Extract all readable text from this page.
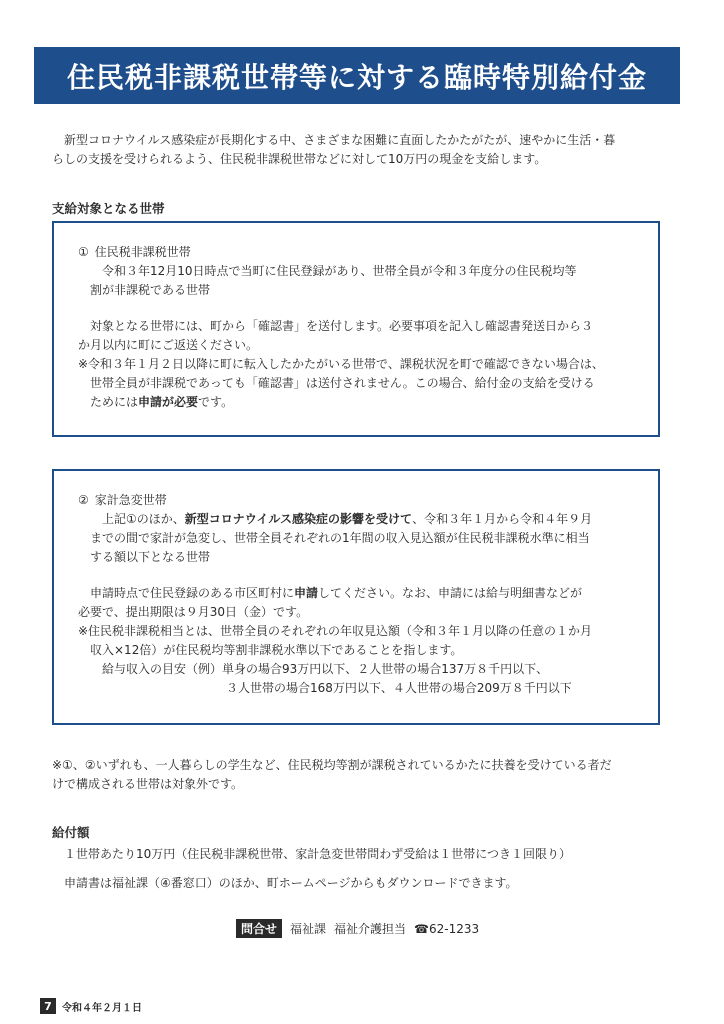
住民税非課税世帯等に対する臨時特別給付金
新型コロナウイルス感染症が長期化する中、さまざまな困難に直面したかたがたが、速やかに生活・暮
らしの支援を受けられるよう、住民税非課税世帯などに対して10万円の現金を支給します。
支給対象となる世帯

① 住民税非課税世帯

令和３年12月10日時点で当町に住民登録があり、世帯全員が令和３年度分の住民税均等

割が非課税である世帯

対象となる世帯には、町から「確認書」を送付します。必要事項を記入し確認書発送日から３

か月以内に町にご返送ください。

※令和３年１月２日以降に町に転入したかたがいる世帯で、課税状況を町で確認できない場合は、

世帯全員が非課税であっても「確認書」は送付されません。この場合、給付金の支給を受ける

ためには申請が必要です。

② 家計急変世帯

上記①のほか、新型コロナウイルス感染症の影響を受けて、令和３年１月から令和４年９月

までの間で家計が急変し、世帯全員それぞれの1年間の収入見込額が住民税非課税水準に相当

する額以下となる世帯

申請時点で住民登録のある市区町村に申請してください。なお、申請には給与明細書などが

必要で、提出期限は９月30日（金）です。

※住民税非課税相当とは、世帯全員のそれぞれの年収見込額（令和３年１月以降の任意の１か月

収入×12倍）が住民税均等割非課税水準以下であることを指します。

給与収入の目安（例）単身の場合93万円以下、２人世帯の場合137万８千円以下、

３人世帯の場合168万円以下、４人世帯の場合209万８千円以下

※①、②いずれも、一人暮らしの学生など、住民税均等割が課税されているかたに扶養を受けている者だ
けで構成される世帯は対象外です。
給付額
１世帯あたり10万円（住民税非課税世帯、家計急変世帯問わず受給は１世帯につき１回限り）
申請書は福祉課（④番窓口）のほか、町ホームページからもダウンロードできます。
問合せ	福祉課 福祉介護担当 ☎62-1233
7	令和４年２月１日
